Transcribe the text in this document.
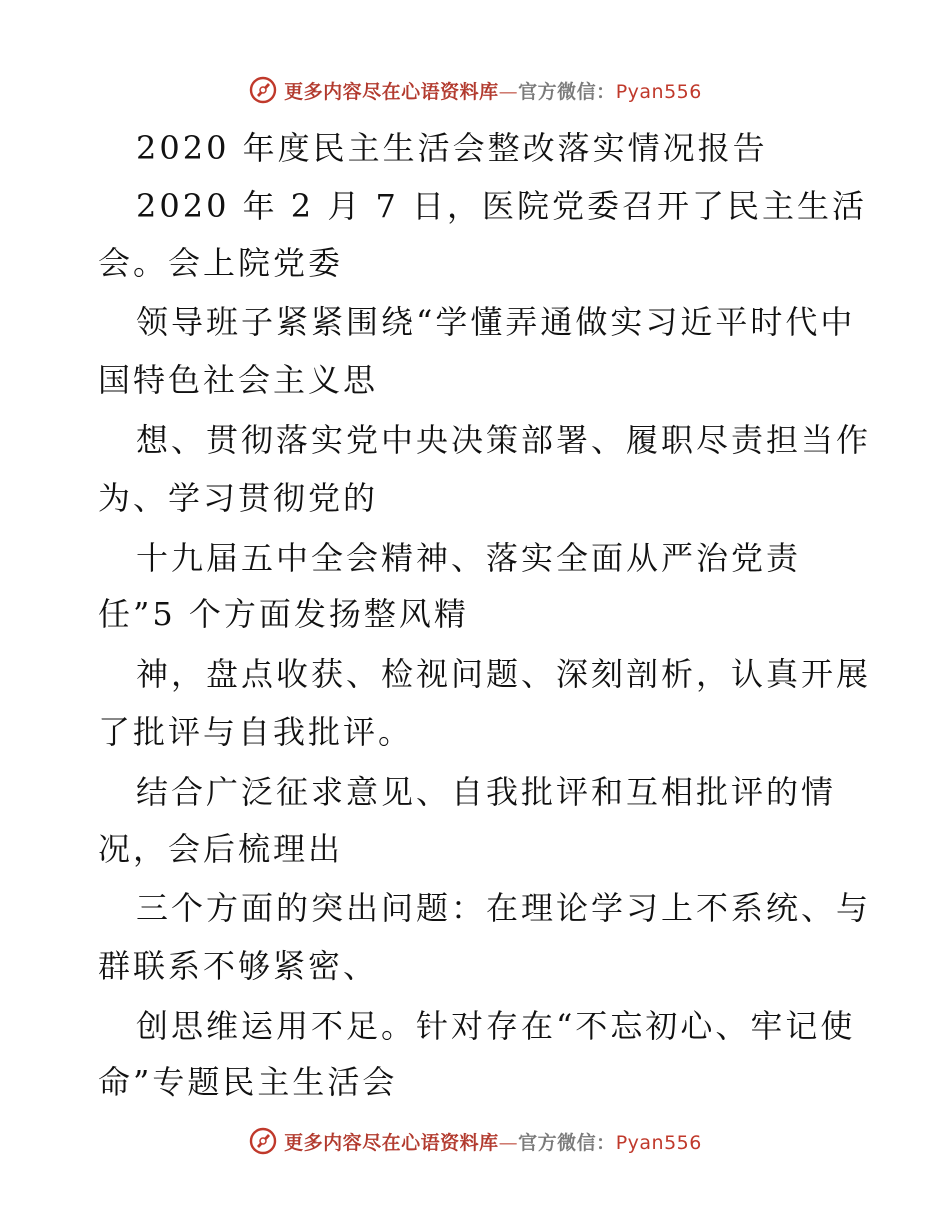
更多内容尽在心语资料库—官方微信：Pyan556
2020 年度民主生活会整改落实情况报告
2020 年 2 月 7 日，医院党委召开了民主生活
会。会上院党委
领导班子紧紧围绕“学懂弄通做实习近平时代中
国特色社会主义思
想、贯彻落实党中央决策部署、履职尽责担当作
为、学习贯彻党的
十九届五中全会精神、落实全面从严治党责
任”5 个方面发扬整风精
神，盘点收获、检视问题、深刻剖析，认真开展
了批评与自我批评。
结合广泛征求意见、自我批评和互相批评的情
况，会后梳理出
三个方面的突出问题：在理论学习上不系统、与
群联系不够紧密、
创思维运用不足。针对存在“不忘初心、牢记使
命”专题民主生活会
更多内容尽在心语资料库—官方微信：Pyan556
